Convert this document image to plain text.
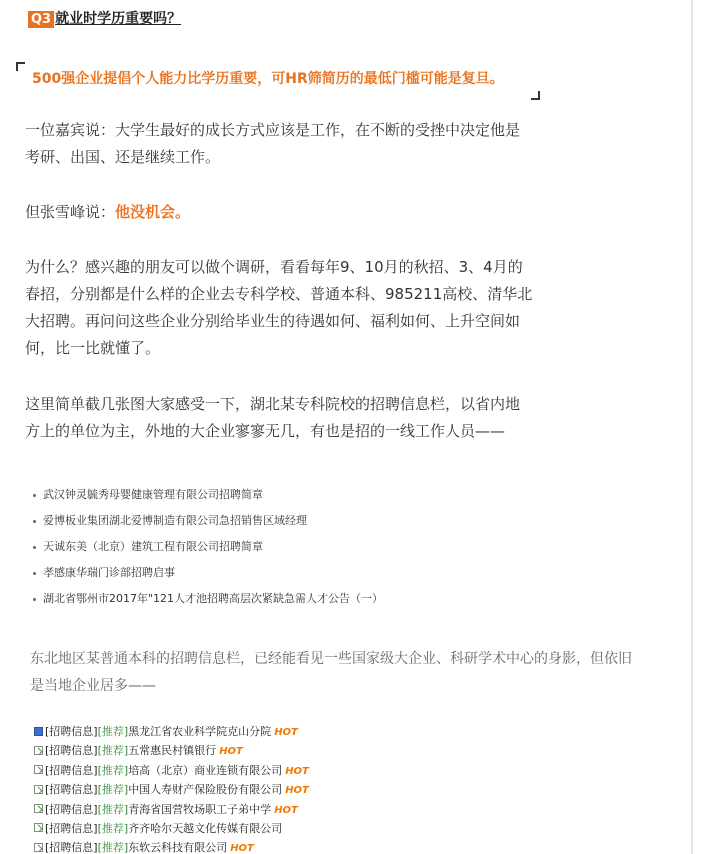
Q3 就业时学历重要吗？
500强企业提倡个人能力比学历重要，可HR筛简历的最低门槛可能是复旦。
一位嘉宾说：大学生最好的成长方式应该是工作，在不断的受挫中决定他是
考研、出国、还是继续工作。
但张雪峰说：他没机会。
为什么？感兴趣的朋友可以做个调研，看看每年9、10月的秋招、3、4月的
春招，分别都是什么样的企业去专科学校、普通本科、985211高校、清华北
大招聘。再问问这些企业分别给毕业生的待遇如何、福利如何、上升空间如
何，比一比就懂了。
这里简单截几张图大家感受一下，湖北某专科院校的招聘信息栏，以省内地
方上的单位为主，外地的大企业寥寥无几，有也是招的一线工作人员——
武汉钟灵毓秀母婴健康管理有限公司招聘简章
爱博板业集团湖北爱博制造有限公司急招销售区域经理
天诚东美（北京）建筑工程有限公司招聘简章
孝感康华瑞门诊部招聘启事
湖北省鄂州市2017年"121人才池招聘高层次紧缺急需人才公告（一）
东北地区某普通本科的招聘信息栏，已经能看见一些国家级大企业、科研学术中心的身影，但依旧
是当地企业居多——
[招聘信息][推荐]黑龙江省农业科学院克山分院 HOT
[招聘信息][推荐]五常惠民村镇银行 HOT
[招聘信息][推荐]培高（北京）商业连锁有限公司 HOT
[招聘信息][推荐]中国人寿财产保险股份有限公司 HOT
[招聘信息][推荐]青海省国营牧场职工子弟中学 HOT
[招聘信息][推荐]齐齐哈尔天越文化传媒有限公司
[招聘信息][推荐]东软云科技有限公司 HOT
